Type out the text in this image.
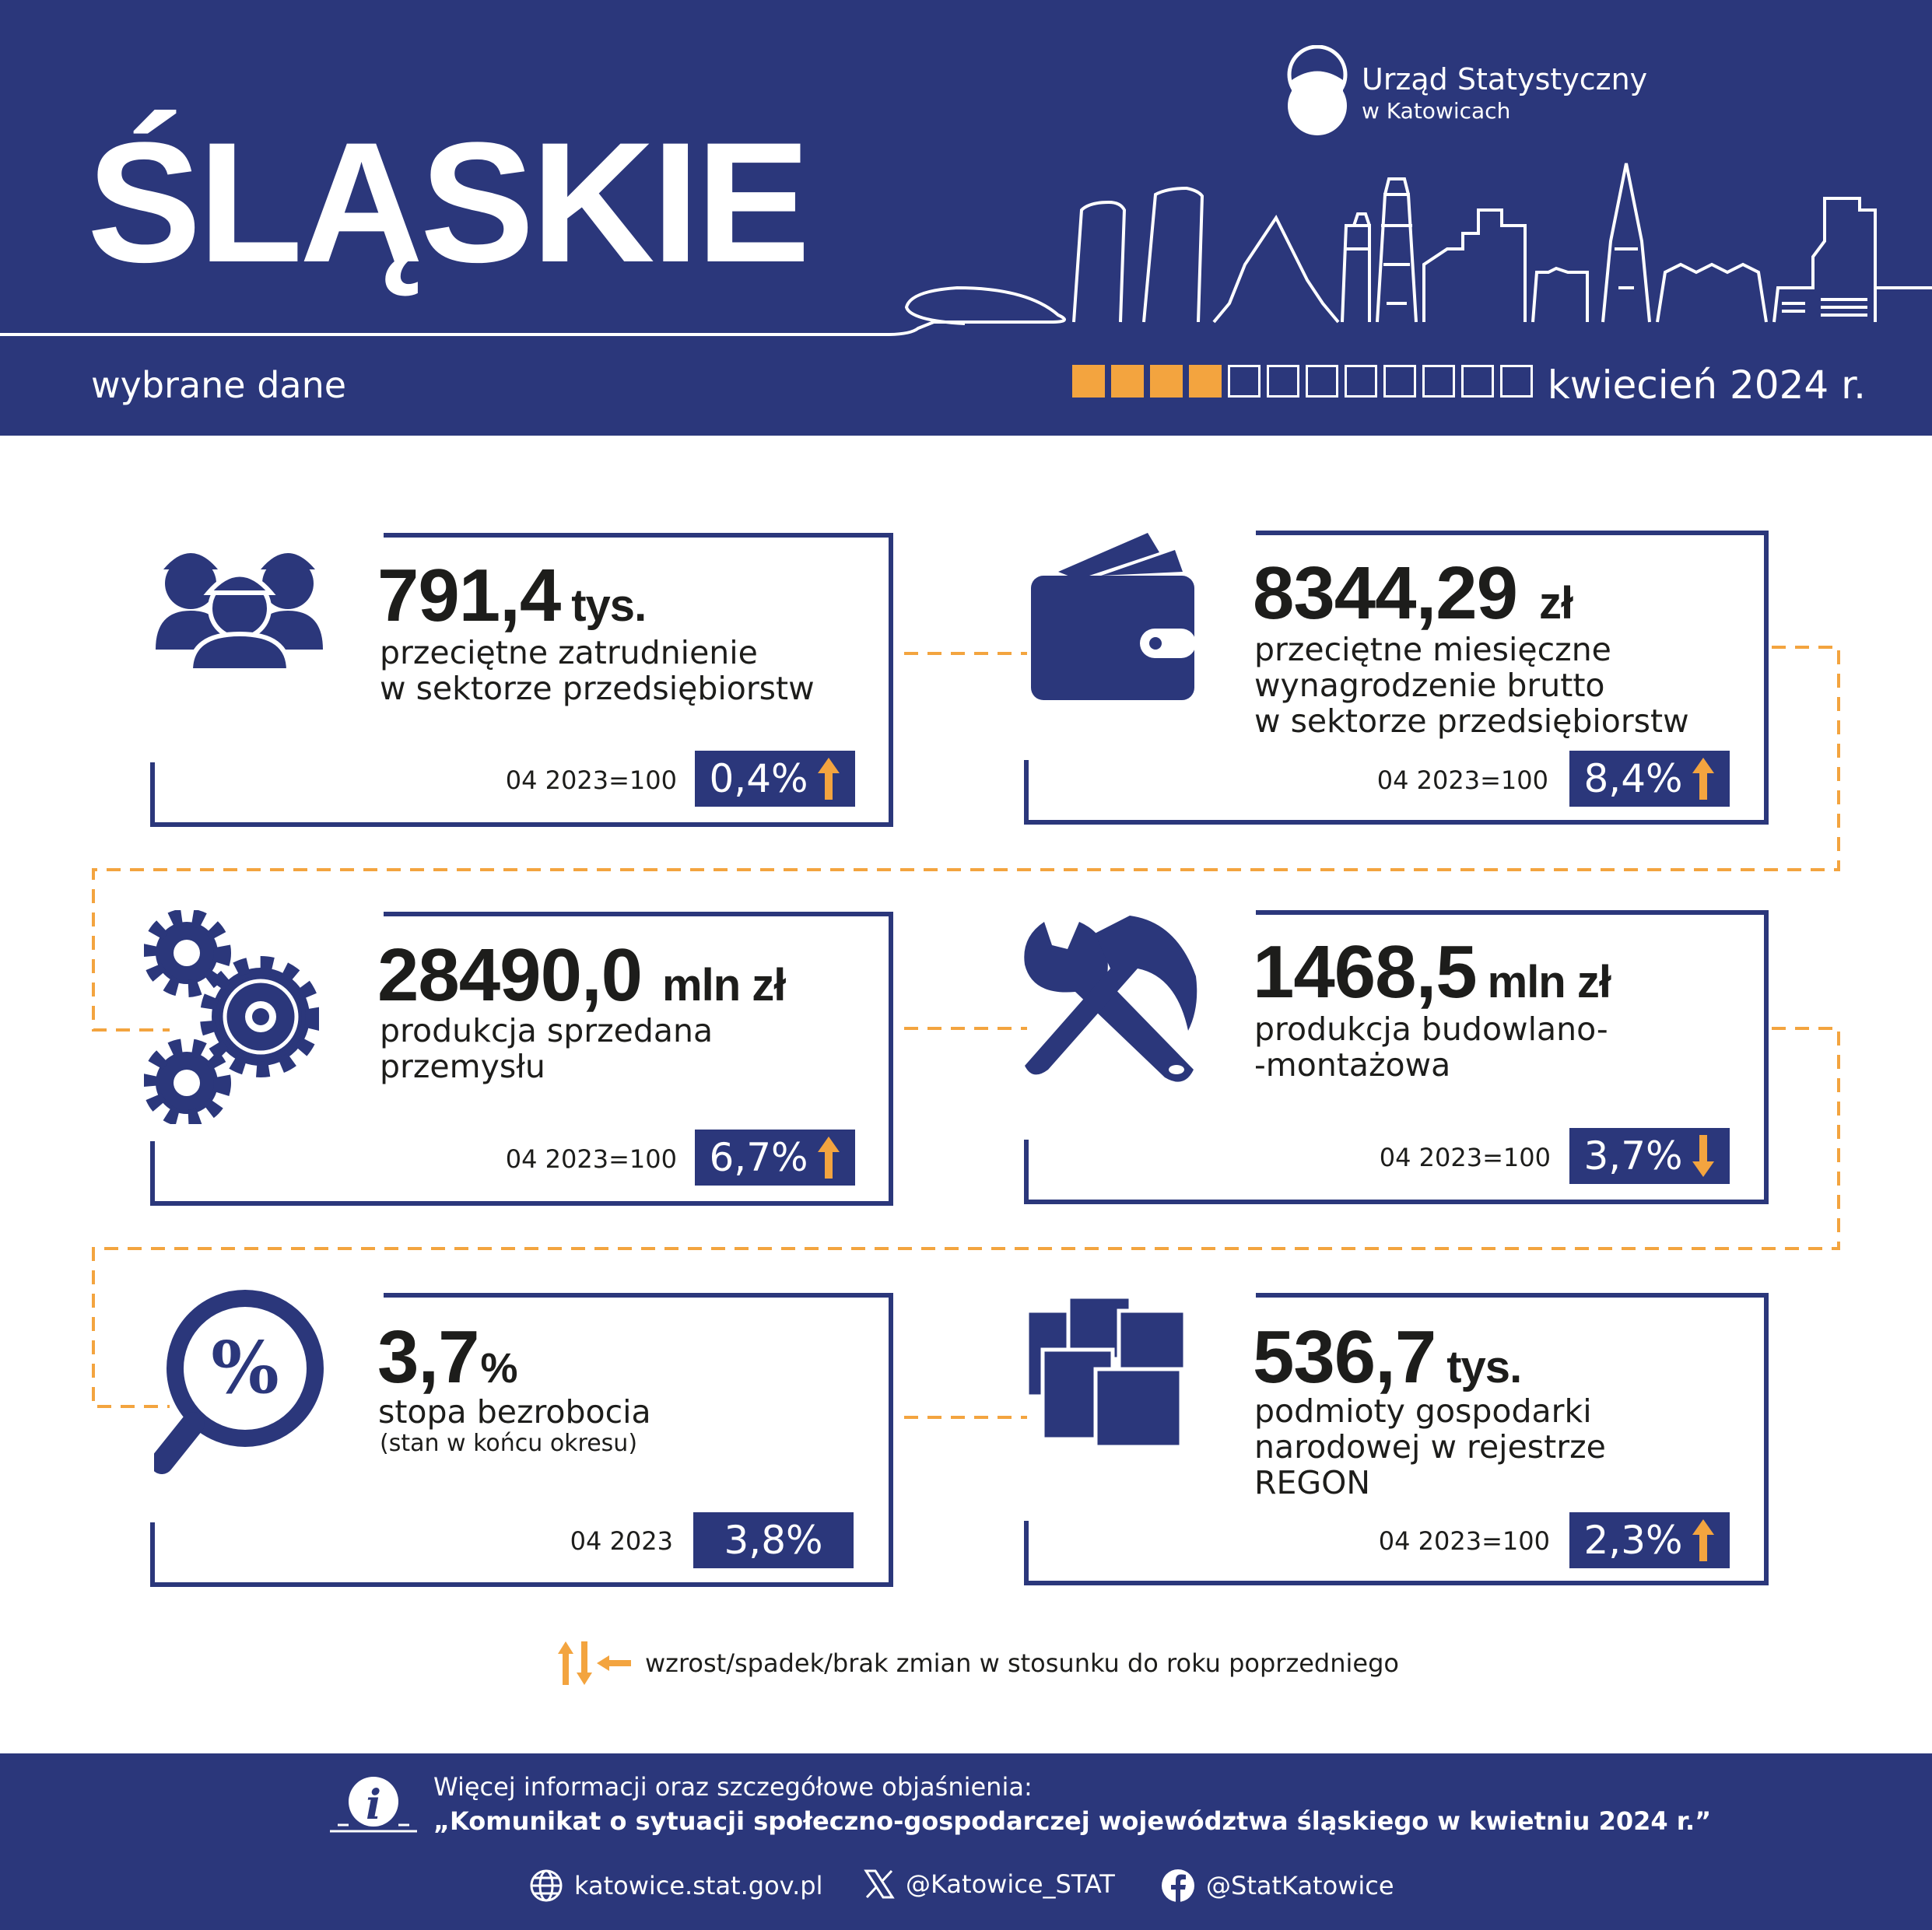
ŚLĄSKIE
Urząd Statystyczny
w Katowicach
wybrane dane	kwiecień 2024 r.
%
791,4 tys.
przeciętne zatrudnienie
w sektorze przedsiębiorstw
04 2023=100 0,4%
8344,29 zł
przeciętne miesięczne
wynagrodzenie brutto
w sektorze przedsiębiorstw
04 2023=100 8,4%
28490,0 mln zł
produkcja sprzedana
przemysłu
04 2023=100 6,7%
1468,5 mln zł
produkcja budowlano-
-montażowa
04 2023=100 3,7%
3,7%
stopa bezrobocia
(stan w końcu okresu)
04 2023 3,8%
536,7 tys.
podmioty gospodarki
narodowej w rejestrze
REGON
04 2023=100 2,3%
wzrost/spadek/brak zmian w stosunku do roku poprzedniego
i Więcej informacji oraz szczegółowe objaśnienia:
„Komunikat o sytuacji społeczno-gospodarczej województwa śląskiego w kwietniu 2024 r.”
katowice.stat.gov.pl	@Katowice_STAT	@StatKatowice
